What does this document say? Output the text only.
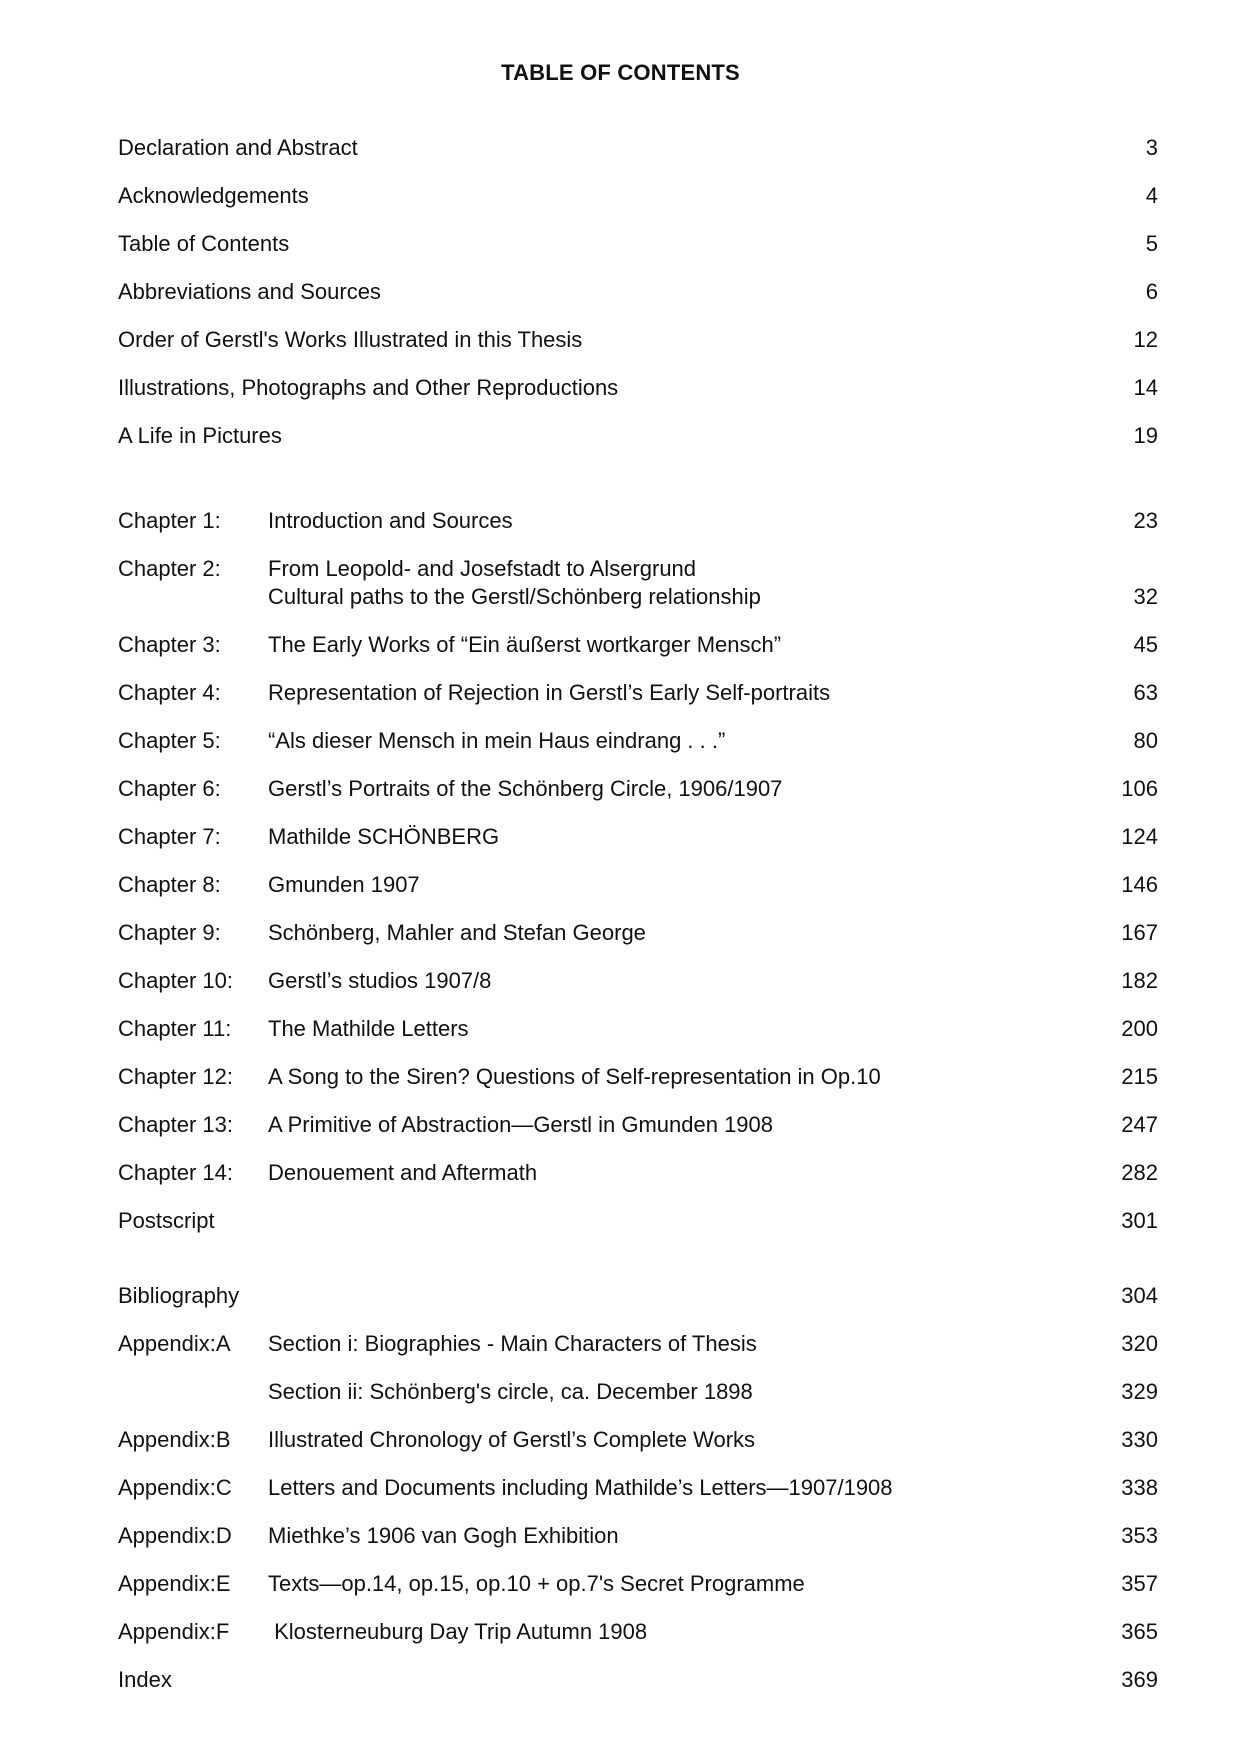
TABLE OF CONTENTS
Declaration and Abstract	3
Acknowledgements	4
Table of Contents	5
Abbreviations and Sources	6
Order of Gerstl's Works Illustrated in this Thesis	12
Illustrations, Photographs and Other Reproductions	14
A Life in Pictures	19
Chapter 1:	Introduction and Sources	23
Chapter 2:	From Leopold- and Josefstadt to Alsergrund
Cultural paths to the Gerstl/Schönberg relationship	32
Chapter 3:	The Early Works of “Ein äußerst wortkarger Mensch”	45
Chapter 4:	Representation of Rejection in Gerstl’s Early Self-portraits	63
Chapter 5:	“Als dieser Mensch in mein Haus eindrang . . .”	80
Chapter 6:	Gerstl’s Portraits of the Schönberg Circle, 1906/1907	106
Chapter 7:	Mathilde SCHÖNBERG	124
Chapter 8:	Gmunden 1907	146
Chapter 9:	Schönberg, Mahler and Stefan George	167
Chapter 10:	Gerstl’s studios 1907/8	182
Chapter 11:	The Mathilde Letters	200
Chapter 12:	A Song to the Siren? Questions of Self-representation in Op.10	215
Chapter 13:	A Primitive of Abstraction—Gerstl in Gmunden 1908	247
Chapter 14:	Denouement and Aftermath	282
Postscript	301
Bibliography	304
Appendix:A	Section i: Biographies - Main Characters of Thesis	320
Section ii: Schönberg's circle, ca. December 1898	329
Appendix:B	Illustrated Chronology of Gerstl’s Complete Works	330
Appendix:C	Letters and Documents including Mathilde’s Letters—1907/1908	338
Appendix:D	Miethke’s 1906 van Gogh Exhibition	353
Appendix:E	Texts—op.14, op.15, op.10 + op.7's Secret Programme	357
Appendix:F	Klosterneuburg Day Trip Autumn 1908	365
Index	369
